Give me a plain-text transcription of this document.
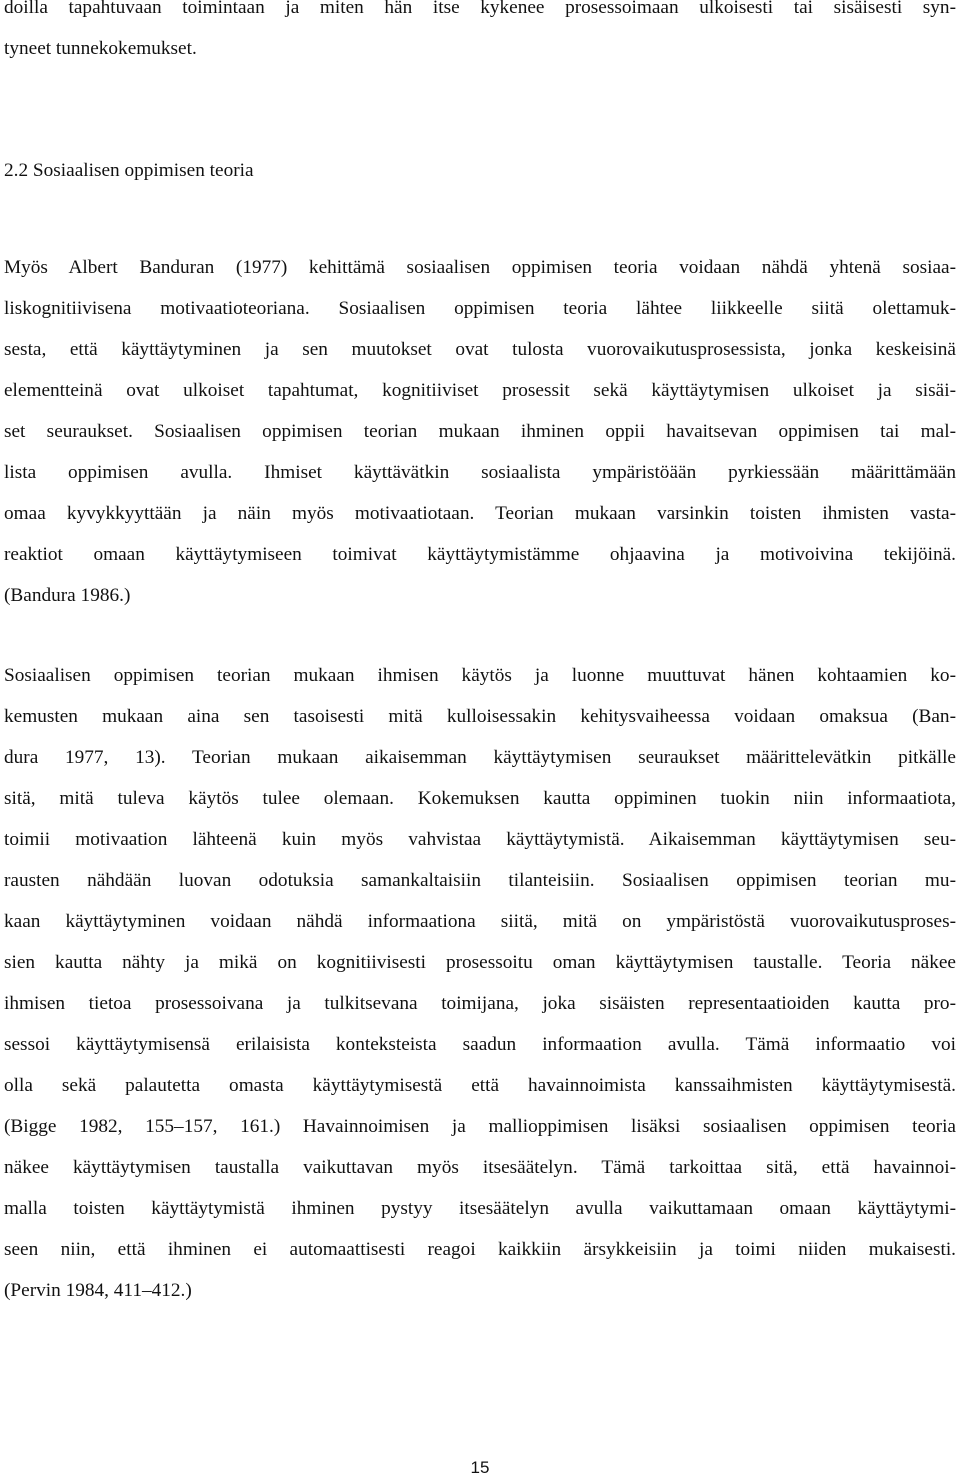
doilla tapahtuvaan toimintaan ja miten hän itse kykenee prosessoimaan ulkoisesti tai sisäisesti syn-
tyneet tunnekokemukset.
2.2 Sosiaalisen oppimisen teoria
Myös Albert Banduran (1977) kehittämä sosiaalisen oppimisen teoria voidaan nähdä yhtenä sosiaa-
liskognitiivisena motivaatioteoriana. Sosiaalisen oppimisen teoria lähtee liikkeelle siitä olettamuk-
sesta, että käyttäytyminen ja sen muutokset ovat tulosta vuorovaikutusprosessista, jonka keskeisinä
elementteinä ovat ulkoiset tapahtumat, kognitiiviset prosessit sekä käyttäytymisen ulkoiset ja sisäi-
set seuraukset. Sosiaalisen oppimisen teorian mukaan ihminen oppii havaitsevan oppimisen tai mal-
lista oppimisen avulla. Ihmiset käyttävätkin sosiaalista ympäristöään pyrkiessään määrittämään
omaa kyvykkyyttään ja näin myös motivaatiotaan. Teorian mukaan varsinkin toisten ihmisten vasta-
reaktiot omaan käyttäytymiseen toimivat käyttäytymistämme ohjaavina ja motivoivina tekijöinä.
(Bandura 1986.)
Sosiaalisen oppimisen teorian mukaan ihmisen käytös ja luonne muuttuvat hänen kohtaamien ko-
kemusten mukaan aina sen tasoisesti mitä kulloisessakin kehitysvaiheessa voidaan omaksua (Ban-
dura 1977, 13). Teorian mukaan aikaisemman käyttäytymisen seuraukset määrittelevätkin pitkälle
sitä, mitä tuleva käytös tulee olemaan. Kokemuksen kautta oppiminen tuokin niin informaatiota,
toimii motivaation lähteenä kuin myös vahvistaa käyttäytymistä. Aikaisemman käyttäytymisen seu-
rausten nähdään luovan odotuksia samankaltaisiin tilanteisiin. Sosiaalisen oppimisen teorian mu-
kaan käyttäytyminen voidaan nähdä informaationa siitä, mitä on ympäristöstä vuorovaikutusproses-
sien kautta nähty ja mikä on kognitiivisesti prosessoitu oman käyttäytymisen taustalle. Teoria näkee
ihmisen tietoa prosessoivana ja tulkitsevana toimijana, joka sisäisten representaatioiden kautta pro-
sessoi käyttäytymisensä erilaisista konteksteista saadun informaation avulla. Tämä informaatio voi
olla sekä palautetta omasta käyttäytymisestä että havainnoimista kanssaihmisten käyttäytymisestä.
(Bigge 1982, 155–157, 161.) Havainnoimisen ja mallioppimisen lisäksi sosiaalisen oppimisen teoria
näkee käyttäytymisen taustalla vaikuttavan myös itsesäätelyn. Tämä tarkoittaa sitä, että havainnoi-
malla toisten käyttäytymistä ihminen pystyy itsesäätelyn avulla vaikuttamaan omaan käyttäytymi-
seen niin, että ihminen ei automaattisesti reagoi kaikkiin ärsykkeisiin ja toimi niiden mukaisesti.
(Pervin 1984, 411–412.)
15
